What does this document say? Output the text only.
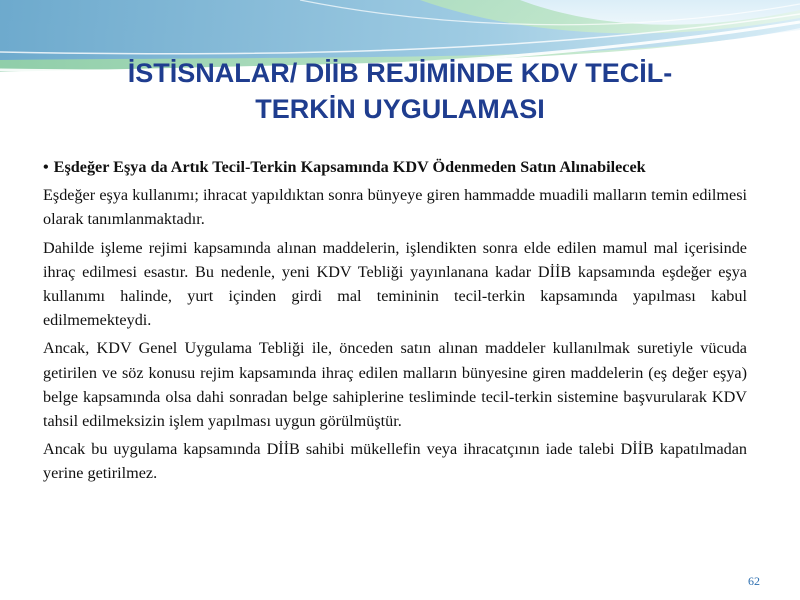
İSTİSNALAR/ DİİB REJİMİNDE KDV TECİL-
TERKİN UYGULAMASI

• Eşdeğer Eşya da Artık Tecil-Terkin Kapsamında KDV Ödenmeden Satın Alınabilecek

Eşdeğer eşya kullanımı; ihracat yapıldıktan sonra bünyeye giren hammadde muadili malların temin edilmesi olarak tanımlanmaktadır.

Dahilde işleme rejimi kapsamında alınan maddelerin, işlendikten sonra elde edilen mamul mal içerisinde ihraç edilmesi esastır. Bu nedenle, yeni KDV Tebliği yayınlanana kadar DİİB kapsamında eşdeğer eşya kullanımı halinde, yurt içinden girdi mal temininin tecil-terkin kapsamında yapılması kabul edilmemekteydi.

Ancak, KDV Genel Uygulama Tebliği ile, önceden satın alınan maddeler kullanılmak suretiyle vücuda getirilen ve söz konusu rejim kapsamında ihraç edilen malların bünyesine giren maddelerin (eş değer eşya) belge kapsamında olsa dahi sonradan belge sahiplerine tesliminde tecil-terkin sistemine başvurularak KDV tahsil edilmeksizin işlem yapılması uygun görülmüştür.

Ancak bu uygulama kapsamında DİİB sahibi mükellefin veya ihracatçının iade talebi DİİB kapatılmadan yerine getirilmez.

62
